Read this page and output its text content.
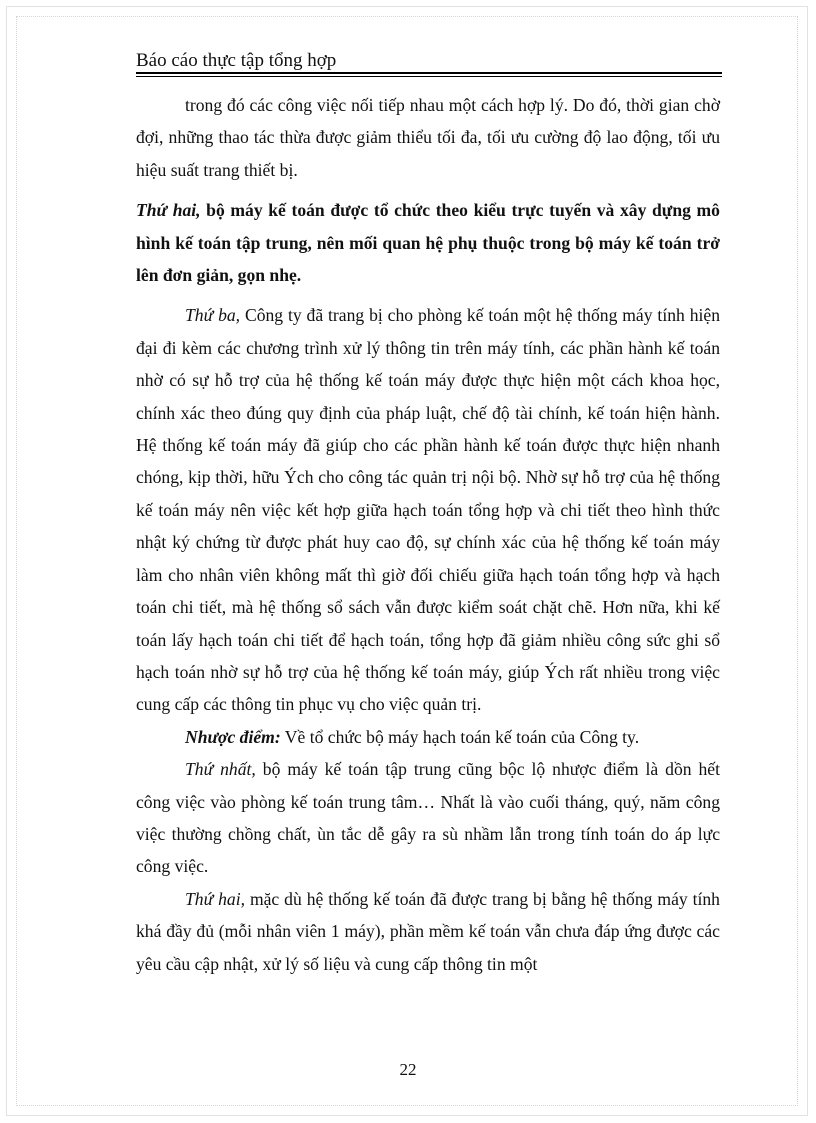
Báo cáo thực tập tổng hợp

trong đó các công việc nối tiếp nhau một cách hợp lý. Do đó, thời gian chờ đợi, những thao tác thừa được giảm thiểu tối đa, tối ưu cường độ lao động, tối ưu hiệu suất trang thiết bị.

Thứ hai, bộ máy kế toán được tổ chức theo kiểu trực tuyến và xây dựng mô hình kế toán tập trung, nên mối quan hệ phụ thuộc trong bộ máy kế toán trở lên đơn giản, gọn nhẹ.

Thứ ba, Công ty đã trang bị cho phòng kế toán một hệ thống máy tính hiện đại đi kèm các chương trình xử lý thông tin trên máy tính, các phần hành kế toán nhờ có sự hỗ trợ của hệ thống kế toán máy được thực hiện một cách khoa học, chính xác theo đúng quy định của pháp luật, chế độ tài chính, kế toán hiện hành. Hệ thống kế toán máy đã giúp cho các phần hành kế toán được thực hiện nhanh chóng, kịp thời, hữu Ých cho công tác quản trị nội bộ. Nhờ sự hỗ trợ của hệ thống kế toán máy nên việc kết hợp giữa hạch toán tổng hợp và chi tiết theo hình thức nhật ký chứng từ được phát huy cao độ, sự chính xác của hệ thống kế toán máy làm cho nhân viên không mất thì giờ đối chiếu giữa hạch toán tổng hợp và hạch toán chi tiết, mà hệ thống sổ sách vẫn được kiểm soát chặt chẽ. Hơn nữa, khi kế toán lấy hạch toán chi tiết để hạch toán, tổng hợp đã giảm nhiều công sức ghi sổ hạch toán nhờ sự hỗ trợ của hệ thống kế toán máy, giúp Ých rất nhiều trong việc cung cấp các thông tin phục vụ cho việc quản trị.

Nhược điểm: Về tổ chức bộ máy hạch toán kế toán của Công ty.

Thứ nhất, bộ máy kế toán tập trung cũng bộc lộ nhược điểm là dồn hết công việc vào phòng kế toán trung tâm… Nhất là vào cuối tháng, quý, năm công việc thường chồng chất, ùn tắc dễ gây ra sù nhầm lẫn trong tính toán do áp lực công việc.

Thứ hai, mặc dù hệ thống kế toán đã được trang bị bằng hệ thống máy tính khá đầy đủ (mỗi nhân viên 1 máy), phần mềm kế toán vẫn chưa đáp ứng được các yêu cầu cập nhật, xử lý số liệu và cung cấp thông tin một

22
